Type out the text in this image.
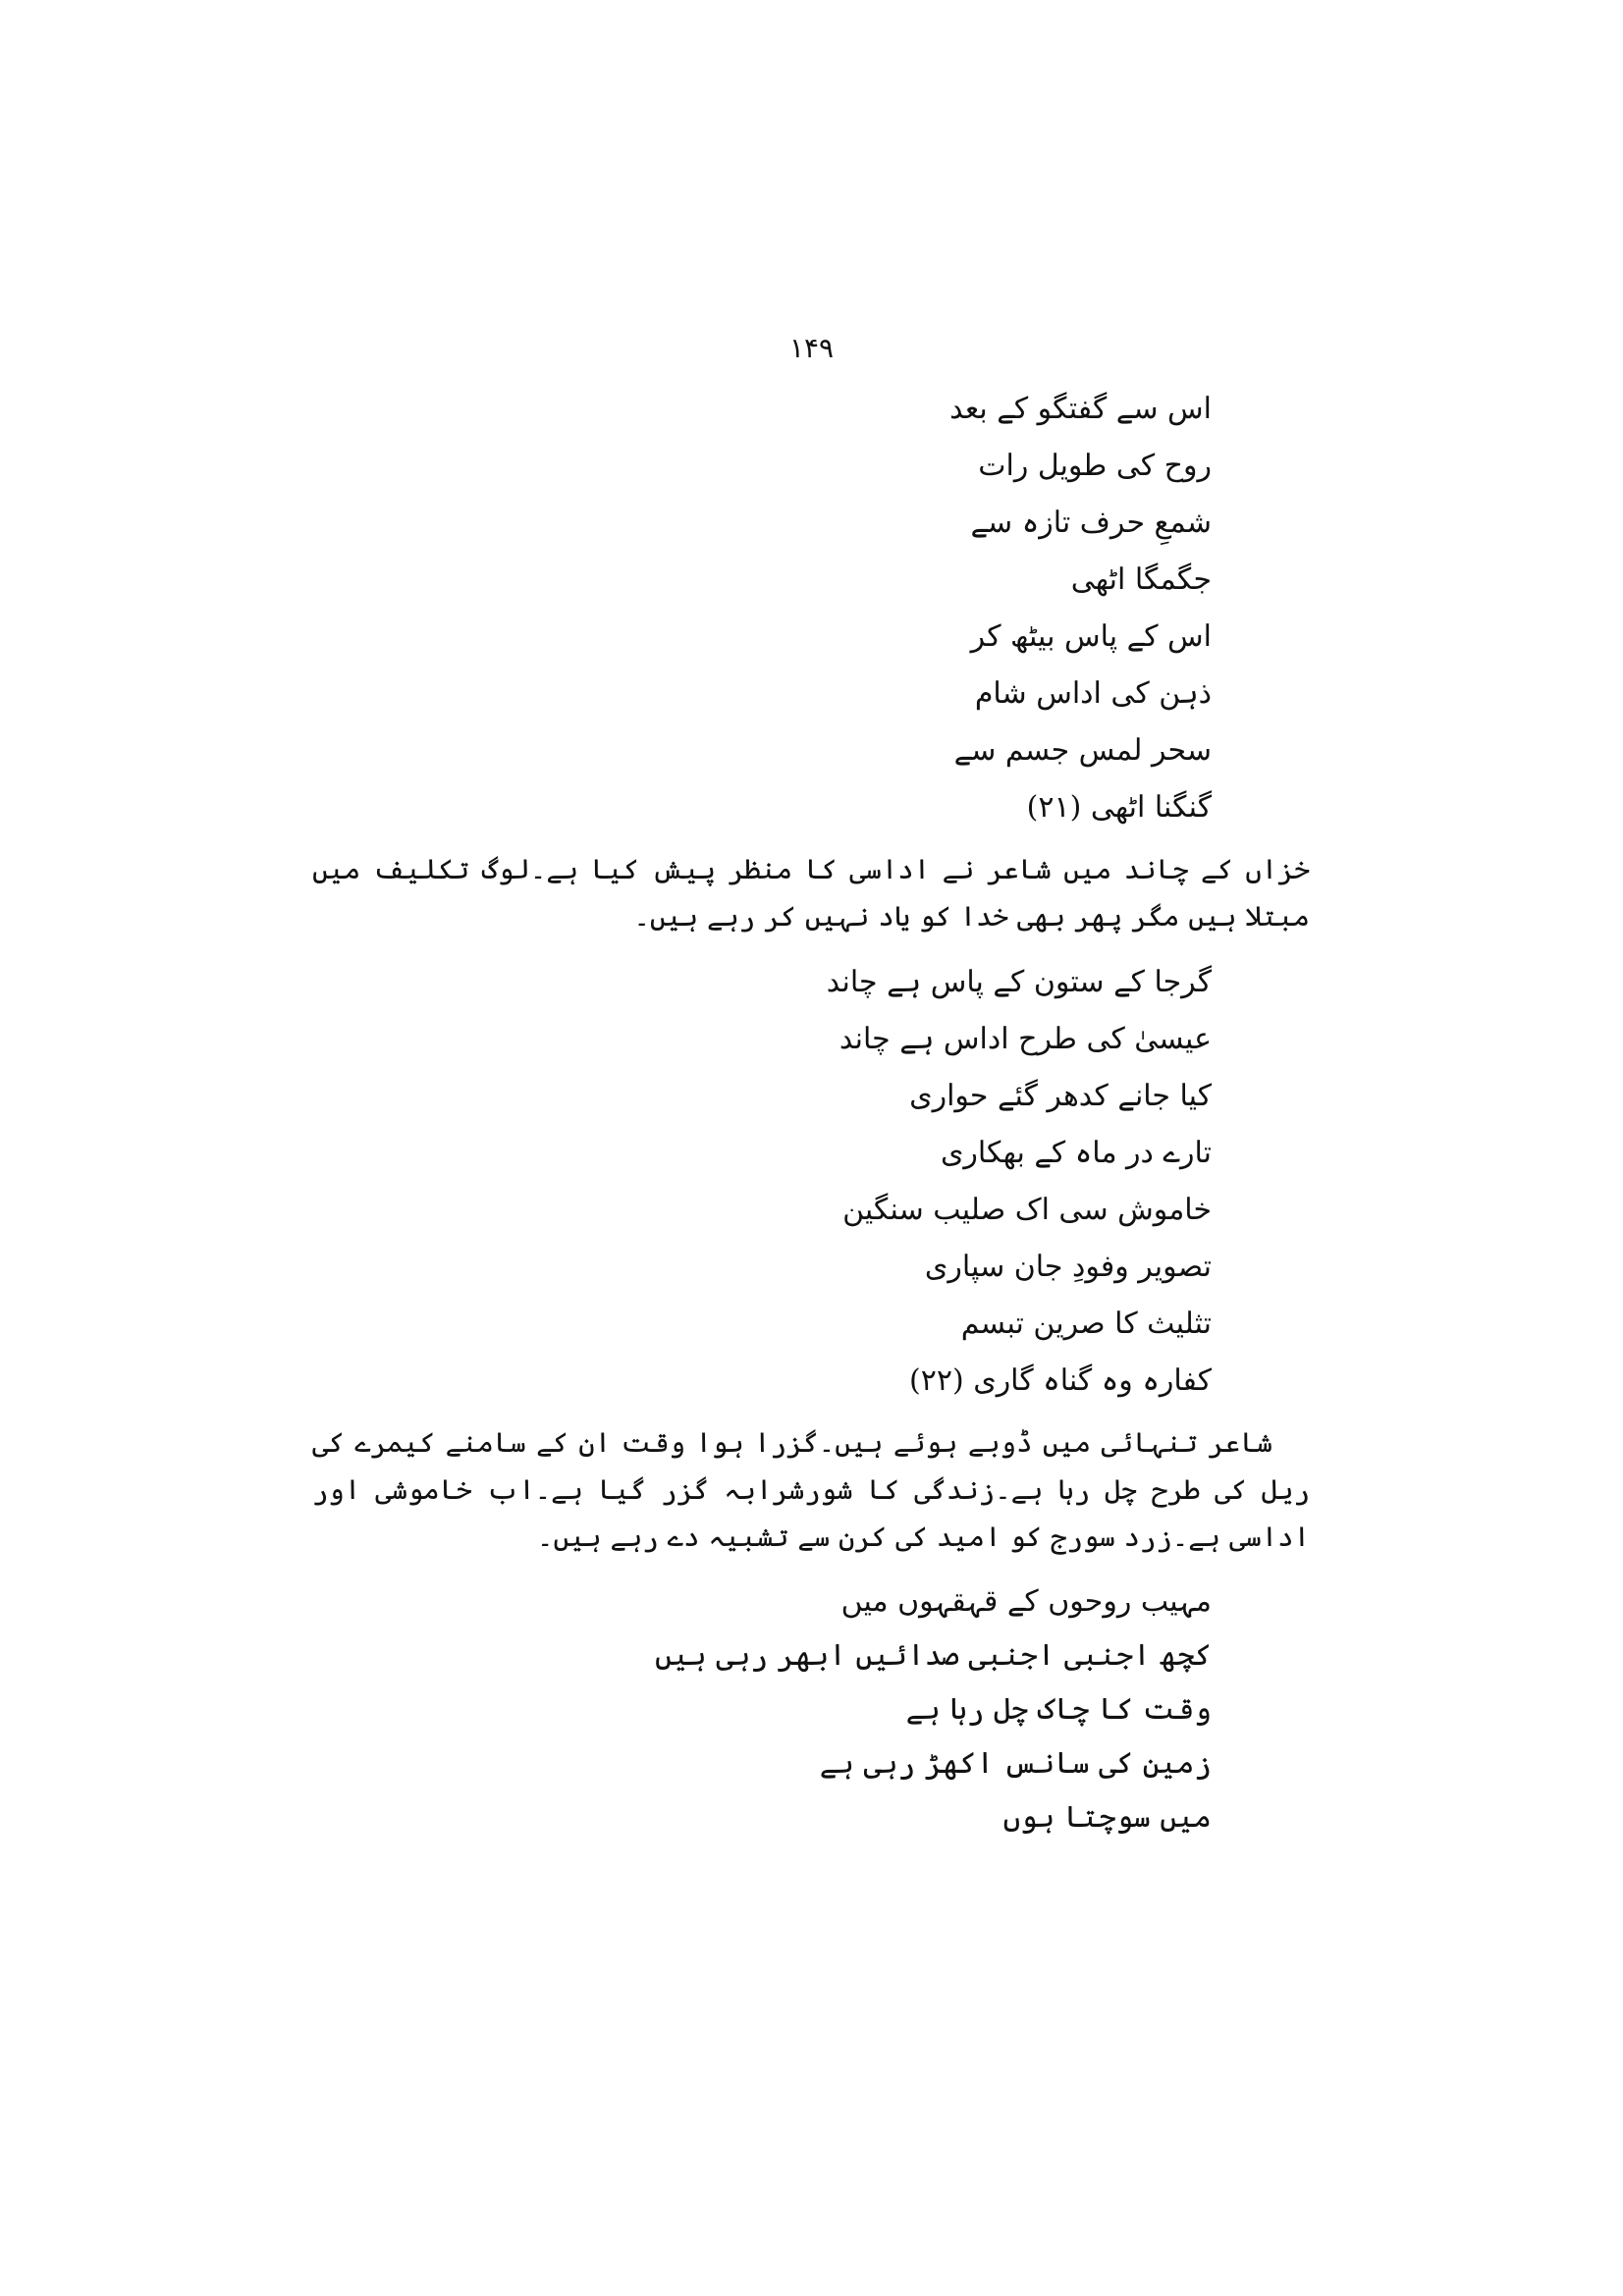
۱۴۹
اس سے گفتگو کے بعد
روح کی طویل رات
شمعِ حرف تازہ سے
جگمگا اٹھی
اس کے پاس بیٹھ کر
ذہن کی اداس شام
سحر لمس جسم سے
گنگنا اٹھی (۲۱)

خزاں کے چاند میں شاعر نے اداسی کا منظر پیش کیا ہے۔لوگ تکلیف میں مبتلا ہیں مگر پھر بھی خدا کو یاد نہیں کر رہے ہیں۔

گرجا کے ستون کے پاس ہے چاند
عیسیٰ کی طرح اداس ہے چاند
کیا جانے کدھر گئے حواری
تارے در ماہ کے بھکاری
خاموش سی اک صلیب سنگین
تصویر وفودِ جان سپاری
تثلیث کا صرین تبسم
کفارہ وہ گناہ گاری (۲۲)

شاعر تنہائی میں ڈوبے ہوئے ہیں۔گزرا ہوا وقت ان کے سامنے کیمرے کی ریل کی طرح چل رہا ہے۔زندگی کا شورشرابہ گزر گیا ہے۔اب خاموشی اور اداسی ہے۔زرد سورج کو امید کی کرن سے تشبیہ دے رہے ہیں۔

مہیب روحوں کے قہقہوں میں
کچھ اجنبی اجنبی صدائیں ابھر رہی ہیں
وقت کا چاک چل رہا ہے
زمین کی سانس اکھڑ رہی ہے
میں سوچتا ہوں
